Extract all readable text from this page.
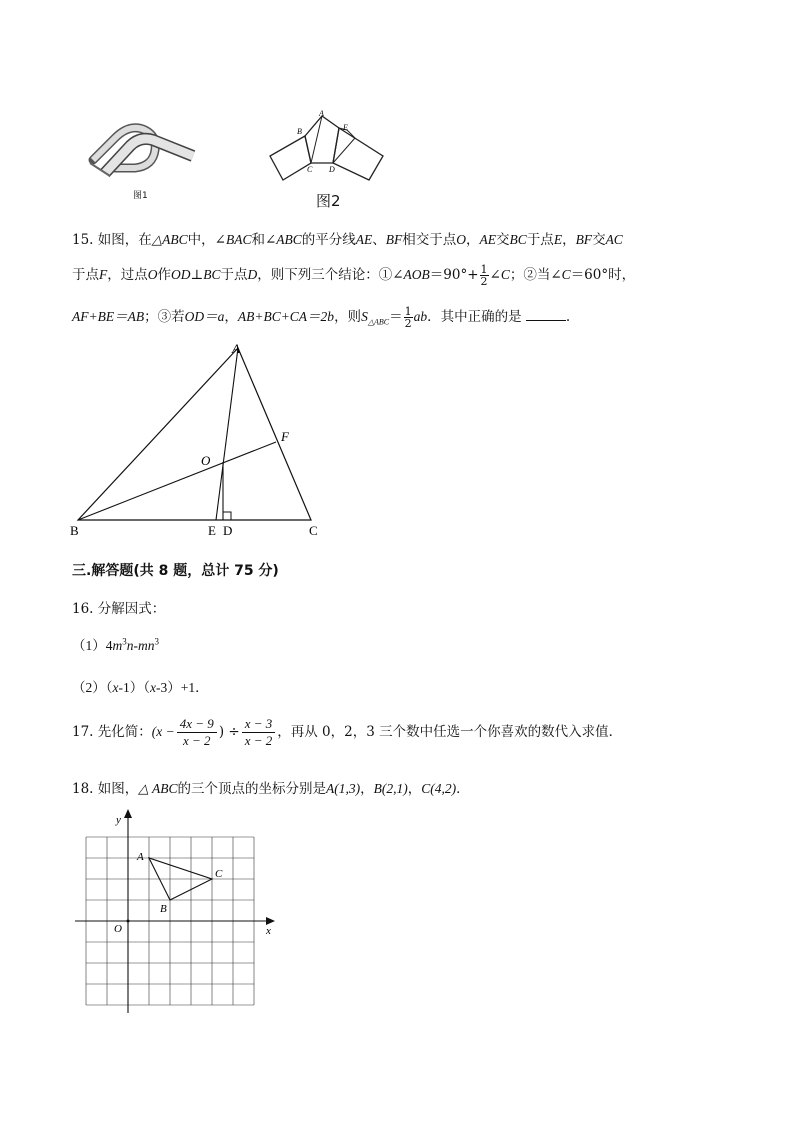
图1
A
B	E
C D
图2
15. 如图，在△ABC中，∠BAC和∠ABC的平分线AE、BF相交于点O，AE交BC于点E，BF交AC
于点F，过点O作OD⊥BC于点D，则下列三个结论：①∠AOB＝90°+ $\frac{1}{2}$ ∠C；②当∠C＝60°时，
AF+BE＝AB；③若OD＝a，AB+BC+CA＝2b，则$S_{\triangle ABC}= \frac{1}{2}$ ab．其中正确的是	.
A
B	C
O
F
E D
三.解答题(共 8 题，总计 75 分)
16. 分解因式：
$(1)4m^3n-mn^3$
（2）（x-1）（x-3）+1．
17. 先化简：($x - \frac{4x - 9}{x - 2}$ ) ÷ $\frac{x - 3}{x - 2}$ ，再从 0，2，3 三个数中任选一个你喜欢的数代入求值．
18. 如图，△ ABC的三个顶点的坐标分别是A(1,3)，B(2,1)，C(4,2)．
y
x
O
A
B
C
